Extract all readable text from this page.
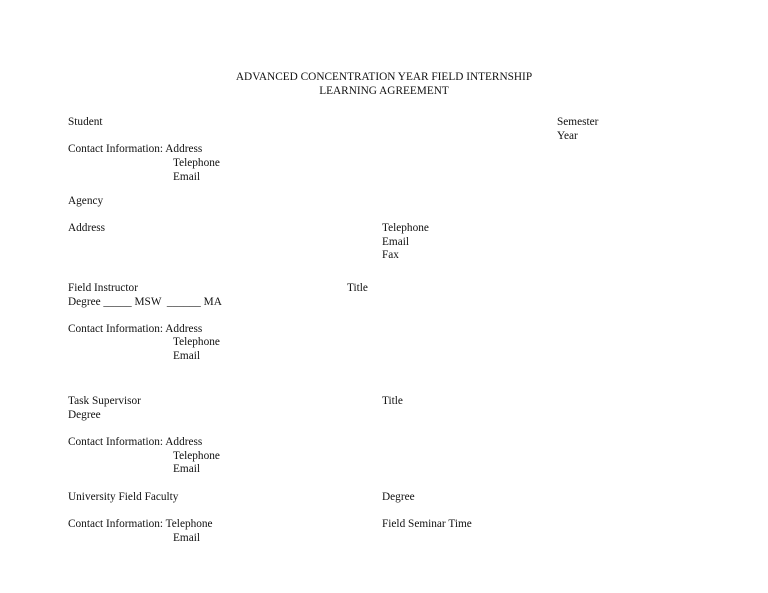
ADVANCED CONCENTRATION YEAR FIELD INTERNSHIP
LEARNING AGREEMENT
Student	Semester
Year
Contact Information: Address
Telephone
Email
Agency
Address	Telephone
Email
Fax
Field Instructor	Title
Degree _____ MSW  ______ MA
Contact Information: Address
Telephone
Email
Task Supervisor	Title
Degree
Contact Information: Address
Telephone
Email
University Field Faculty	Degree
Contact Information: Telephone	Field Seminar Time
Email
